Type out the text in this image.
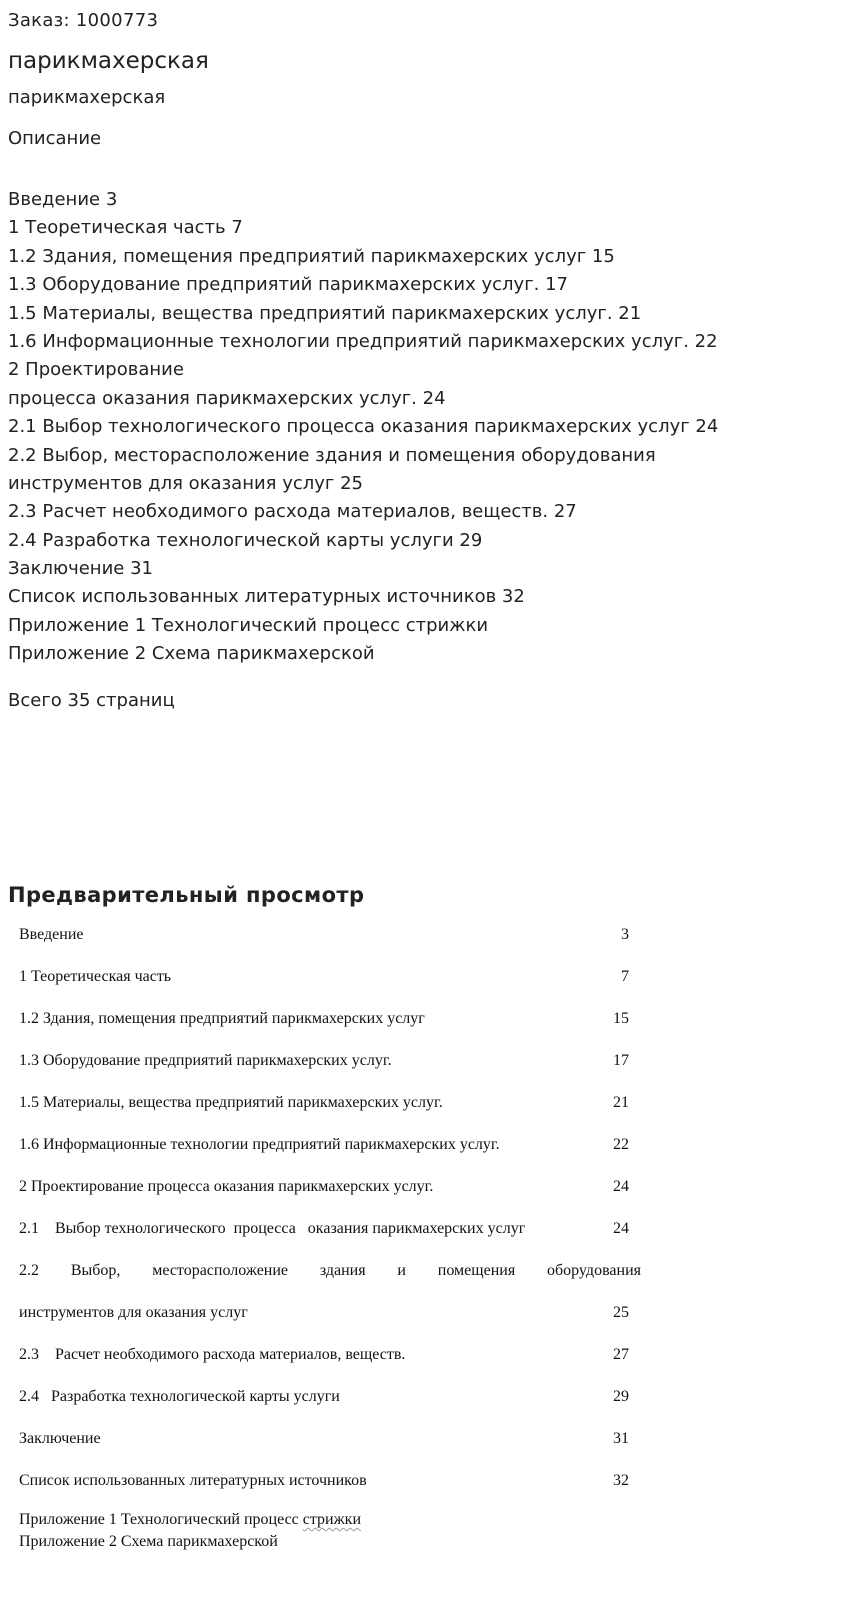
Заказ: 1000773
парикмахерская
парикмахерская
Описание
Введение 3
1 Теоретическая часть 7
1.2 Здания, помещения предприятий парикмахерских услуг 15
1.3 Оборудование предприятий парикмахерских услуг. 17
1.5 Материалы, вещества предприятий парикмахерских услуг. 21
1.6 Информационные технологии предприятий парикмахерских услуг. 22
2 Проектирование
процесса оказания парикмахерских услуг. 24
2.1 Выбор технологического процесса оказания парикмахерских услуг 24
2.2 Выбор, месторасположение здания и помещения оборудования
инструментов для оказания услуг 25
2.3 Расчет необходимого расхода материалов, веществ. 27
2.4 Разработка технологической карты услуги 29
Заключение 31
Список использованных литературных источников 32
Приложение 1 Технологический процесс стрижки
Приложение 2 Схема парикмахерской
Всего 35 страниц
Предварительный просмотр
Введение	3
1 Теоретическая часть	7
1.2 Здания, помещения предприятий парикмахерских услуг	15
1.3 Оборудование предприятий парикмахерских услуг.	17
1.5 Материалы, вещества предприятий парикмахерских услуг.	21
1.6 Информационные технологии предприятий парикмахерских услуг.	22
2 Проектирование процесса оказания парикмахерских услуг.	24
2.1    Выбор технологического  процесса   оказания парикмахерских услуг	24
2.2 Выбор, месторасположение здания и помещения оборудования
инструментов для оказания услуг	25
2.3    Расчет необходимого расхода материалов, веществ.	27
2.4   Разработка технологической карты услуги	29
Заключение	31
Список использованных литературных источников	32
Приложение 1 Технологический процесс стрижки
Приложение 2 Схема парикмахерской
